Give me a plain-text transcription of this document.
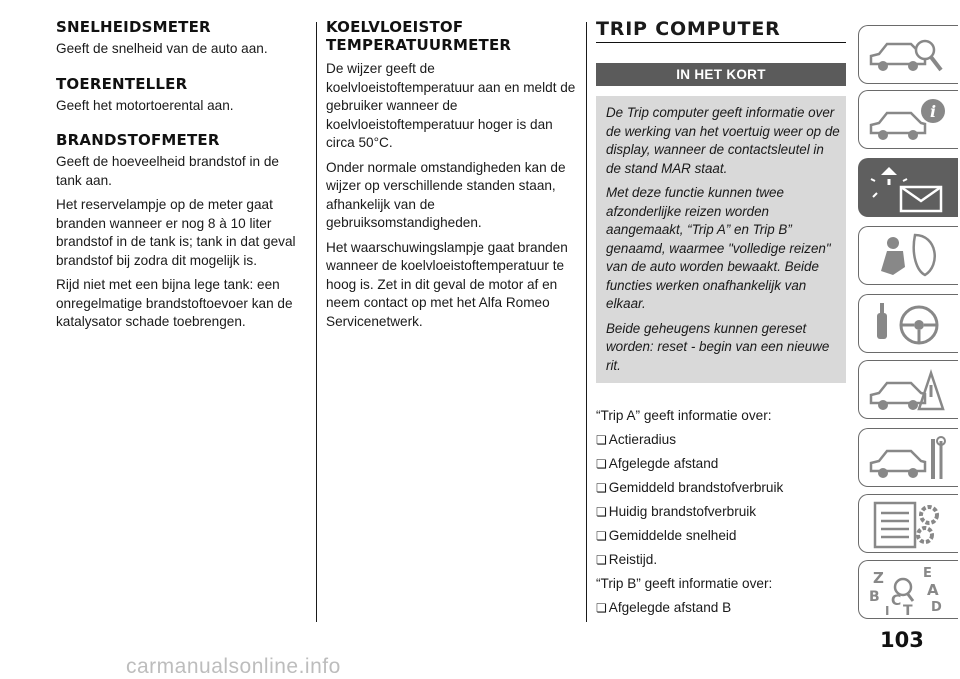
SNELHEIDSMETER

Geeft de snelheid van de auto aan.

TOERENTELLER

Geeft het motortoerental aan.

BRANDSTOFMETER

Geeft de hoeveelheid brandstof in de tank aan.

Het reservelampje op de meter gaat branden wanneer er nog 8 à 10 liter brandstof in de tank is; tank in dat geval brandstof bij zodra dit mogelijk is.

Rijd niet met een bijna lege tank: een onregelmatige brandstoftoevoer kan de katalysator schade toebrengen.

KOELVLOEISTOF
TEMPERATUURMETER

De wijzer geeft de koelvloeistoftemperatuur aan en meldt de gebruiker wanneer de koelvloeistoftemperatuur hoger is dan circa 50°C.

Onder normale omstandigheden kan de wijzer op verschillende standen staan, afhankelijk van de gebruiksomstandigheden.

Het waarschuwingslampje gaat branden wanneer de koelvloeistoftemperatuur te hoog is. Zet in dit geval de motor af en neem contact op met het Alfa Romeo Servicenetwerk.

TRIP COMPUTER
IN HET KORT

De Trip computer geeft informatie over de werking van het voertuig weer op de display, wanneer de contactsleutel in de stand MAR staat.

Met deze functie kunnen twee afzonderlijke reizen worden aangemaakt, “Trip A” en Trip B” genaamd, waarmee "volledige reizen" van de auto worden bewaakt. Beide functies werken onafhankelijk van elkaar.

Beide geheugens kunnen gereset worden: reset - begin van een nieuwe rit.

“Trip A” geeft informatie over:

❏ Actieradius

❏ Afgelegde afstand

❏ Gemiddeld brandstofverbruik

❏ Huidig brandstofverbruik

❏ Gemiddelde snelheid

❏ Reistijd.

“Trip B” geeft informatie over:

❏ Afgelegde afstand B

i
Z	E
A
B C
T
I	D
103
carmanualsonline.info
